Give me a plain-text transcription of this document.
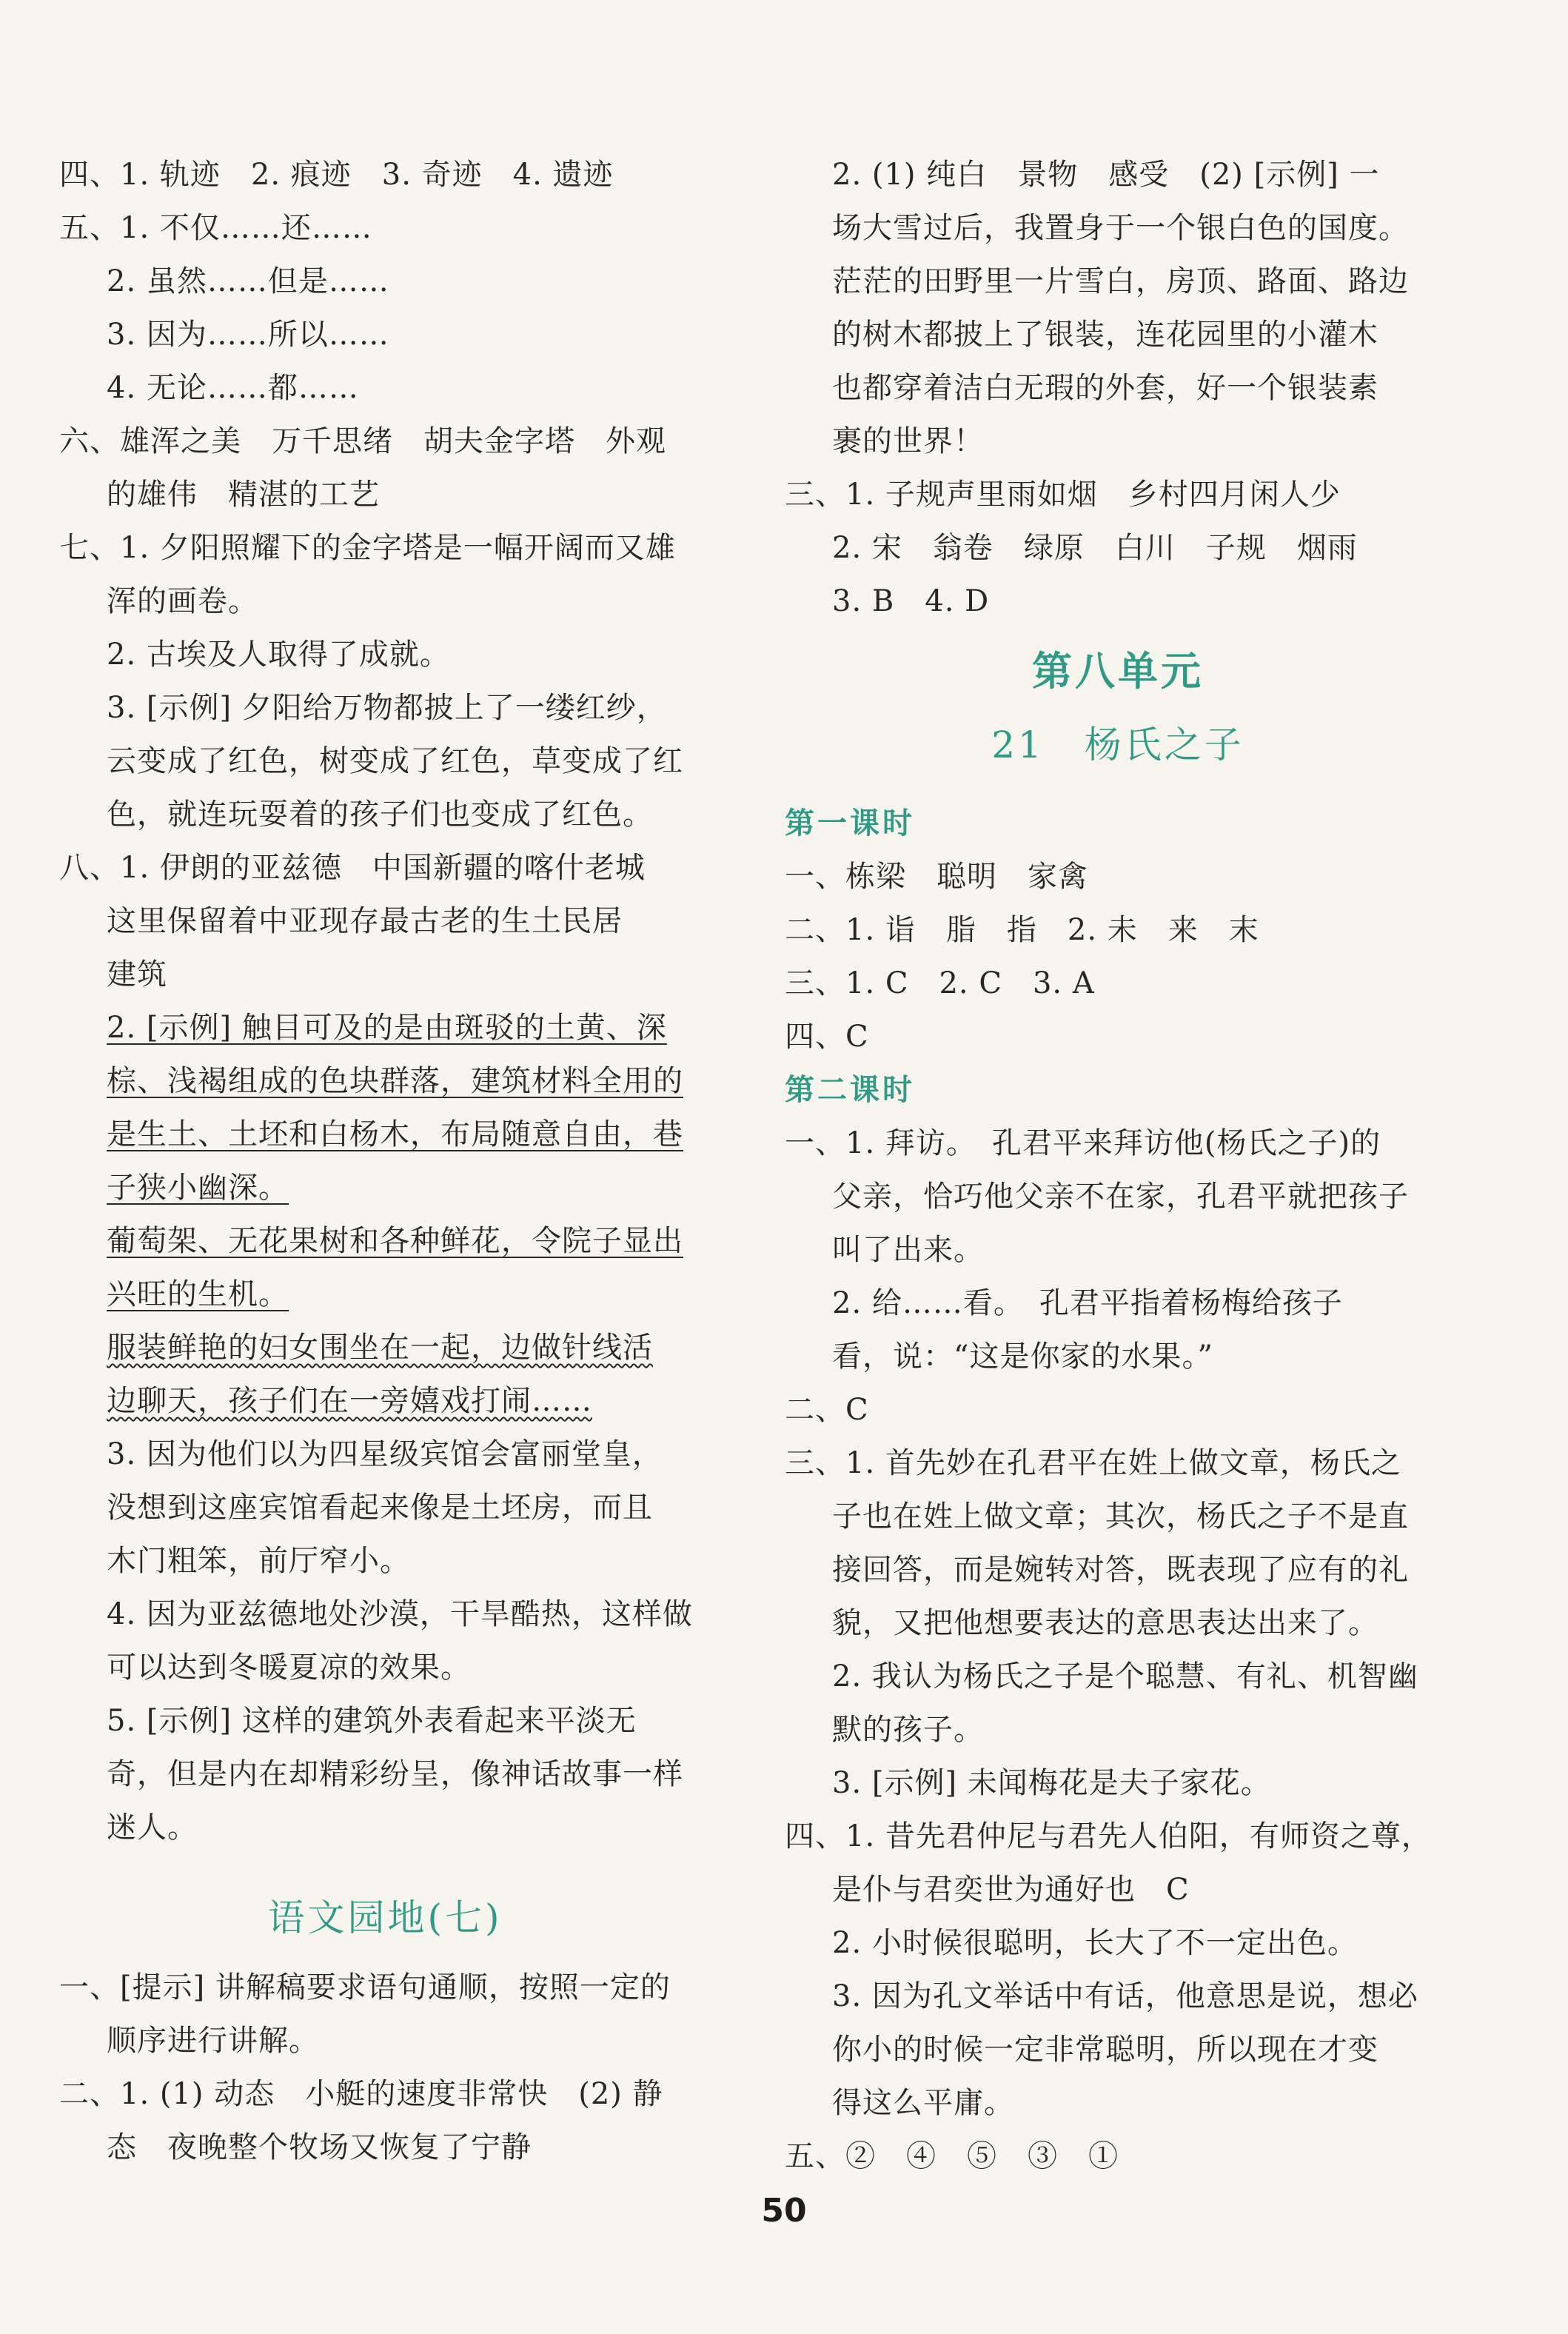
四、1. 轨迹　2. 痕迹　3. 奇迹　4. 遗迹
五、1. 不仅……还……
2. 虽然……但是……
3. 因为……所以……
4. 无论……都……
六、雄浑之美　万千思绪　胡夫金字塔　外观
的雄伟　精湛的工艺
七、1. 夕阳照耀下的金字塔是一幅开阔而又雄
浑的画卷。
2. 古埃及人取得了成就。
3. [示例] 夕阳给万物都披上了一缕红纱，
云变成了红色，树变成了红色，草变成了红
色，就连玩耍着的孩子们也变成了红色。
八、1. 伊朗的亚兹德　中国新疆的喀什老城
这里保留着中亚现存最古老的生土民居
建筑
2. [示例] 触目可及的是由斑驳的土黄、深
棕、浅褐组成的色块群落，建筑材料全用的
是生土、土坯和白杨木，布局随意自由，巷
子狭小幽深。
葡萄架、无花果树和各种鲜花，令院子显出
兴旺的生机。
服装鲜艳的妇女围坐在一起，边做针线活
边聊天，孩子们在一旁嬉戏打闹……
3. 因为他们以为四星级宾馆会富丽堂皇，
没想到这座宾馆看起来像是土坯房，而且
木门粗笨，前厅窄小。
4. 因为亚兹德地处沙漠，干旱酷热，这样做
可以达到冬暖夏凉的效果。
5. [示例] 这样的建筑外表看起来平淡无
奇，但是内在却精彩纷呈，像神话故事一样
迷人。
语文园地(七)
一、[提示] 讲解稿要求语句通顺，按照一定的
顺序进行讲解。
二、1. (1) 动态　小艇的速度非常快　(2) 静
态　夜晚整个牧场又恢复了宁静
2. (1) 纯白　景物　感受　(2) [示例] 一
场大雪过后，我置身于一个银白色的国度。
茫茫的田野里一片雪白，房顶、路面、路边
的树木都披上了银装，连花园里的小灌木
也都穿着洁白无瑕的外套，好一个银装素
裹的世界！
三、1. 子规声里雨如烟　乡村四月闲人少
2. 宋　翁卷　绿原　白川　子规　烟雨
3. B　4. D
第八单元
21　杨氏之子
第一课时
一、栋梁　聪明　家禽
二、1. 诣　脂　指　2. 未　来　末
三、1. C　2. C　3. A
四、C
第二课时
一、1. 拜访。　孔君平来拜访他(杨氏之子)的
父亲，恰巧他父亲不在家，孔君平就把孩子
叫了出来。
2. 给……看。　孔君平指着杨梅给孩子
看，说：“这是你家的水果。”
二、C
三、1. 首先妙在孔君平在姓上做文章，杨氏之
子也在姓上做文章；其次，杨氏之子不是直
接回答，而是婉转对答，既表现了应有的礼
貌，又把他想要表达的意思表达出来了。
2. 我认为杨氏之子是个聪慧、有礼、机智幽
默的孩子。
3. [示例] 未闻梅花是夫子家花。
四、1. 昔先君仲尼与君先人伯阳，有师资之尊，
是仆与君奕世为通好也　C
2. 小时候很聪明，长大了不一定出色。
3. 因为孔文举话中有话，他意思是说，想必
你小的时候一定非常聪明，所以现在才变
得这么平庸。
五、②　④　⑤　③　①
50
